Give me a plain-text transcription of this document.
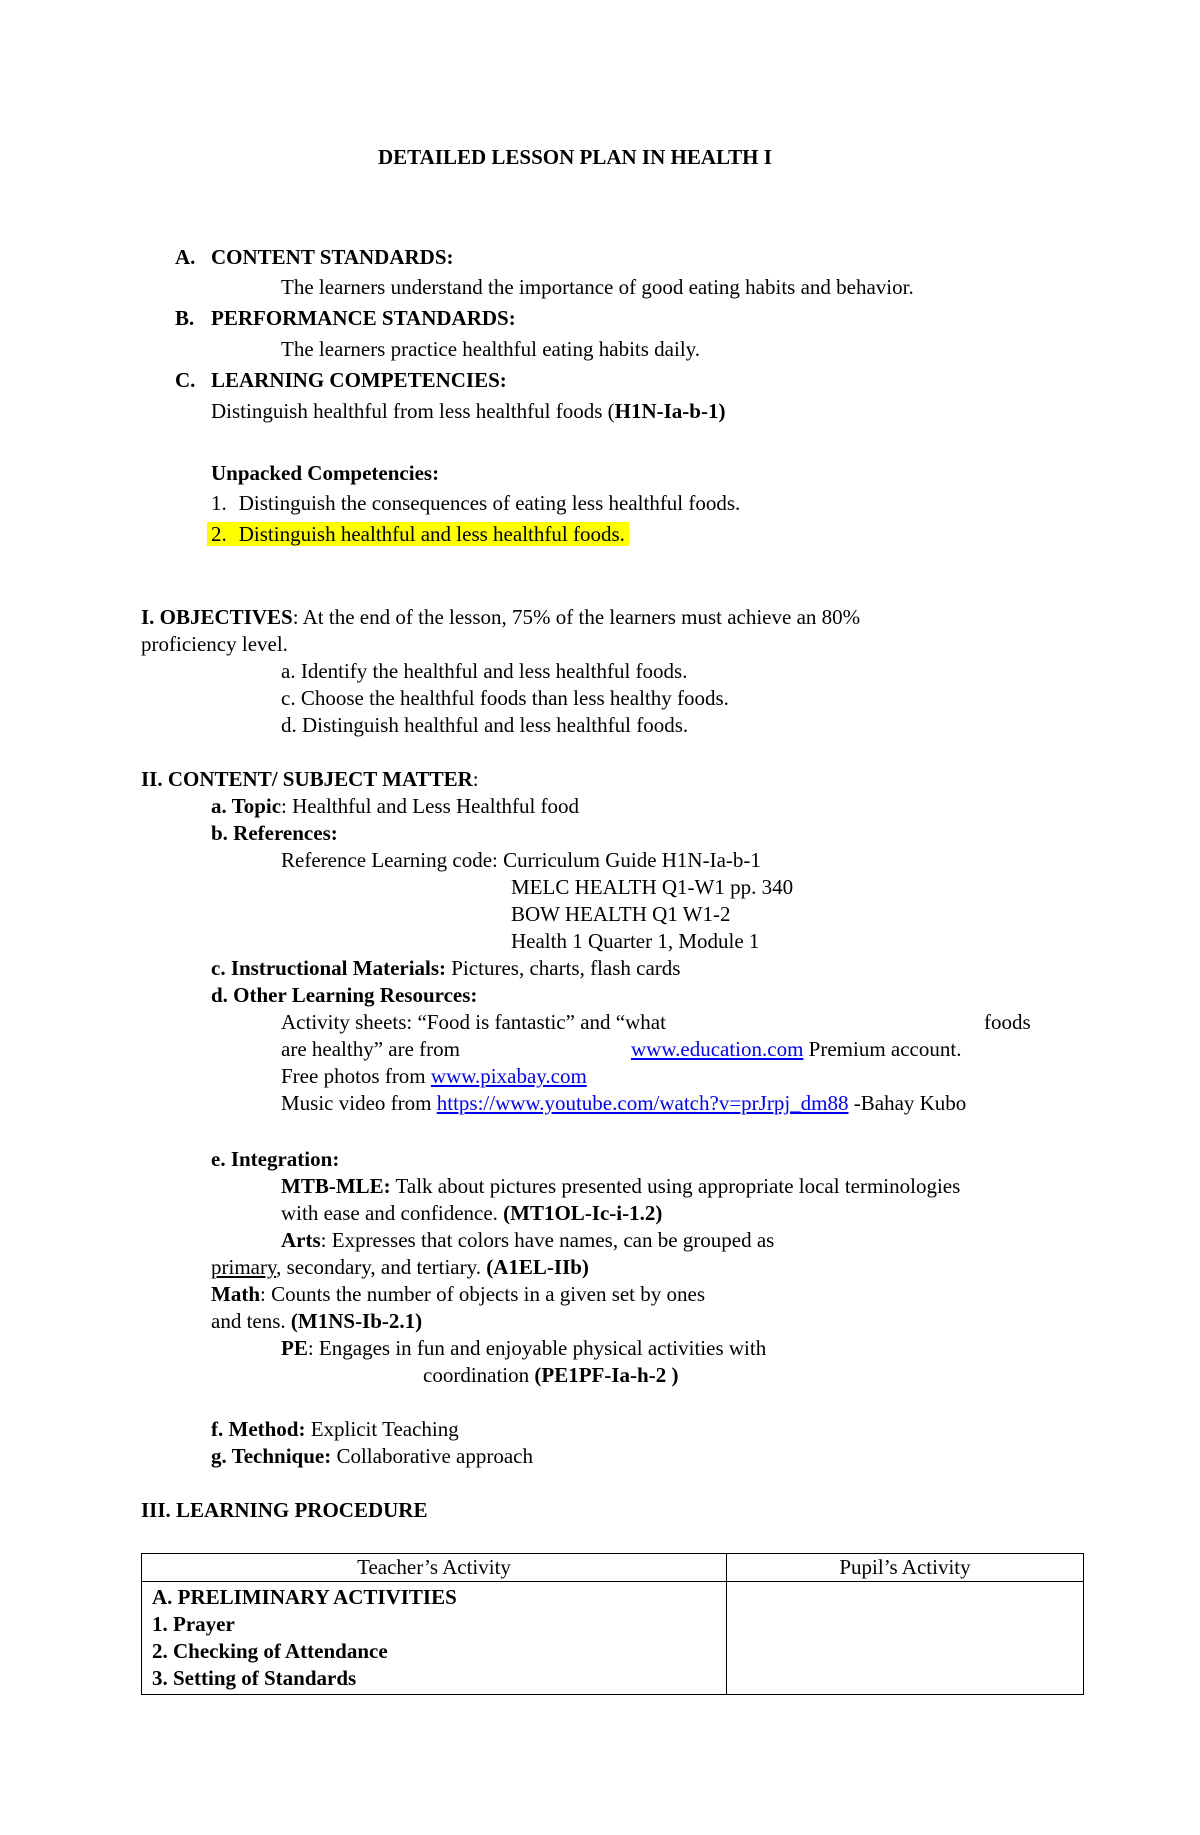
DETAILED LESSON PLAN IN HEALTH I
A. CONTENT STANDARDS:
The learners understand the importance of good eating habits and behavior.
B. PERFORMANCE STANDARDS:
The learners practice healthful eating habits daily.
C. LEARNING COMPETENCIES:
Distinguish healthful from less healthful foods (H1N-Ia-b-1)
Unpacked Competencies:
1. Distinguish the consequences of eating less healthful foods.
2. Distinguish healthful and less healthful foods.
I. OBJECTIVES: At the end of the lesson, 75% of the learners must achieve an 80%
proficiency level.
a. Identify the healthful and less healthful foods.
c. Choose the healthful foods than less healthy foods.
d. Distinguish healthful and less healthful foods.
II. CONTENT/ SUBJECT MATTER:
a. Topic: Healthful and Less Healthful food
b. References:
Reference Learning code: Curriculum Guide H1N-Ia-b-1
MELC HEALTH Q1-W1 pp. 340
BOW HEALTH Q1 W1-2
Health 1 Quarter 1, Module 1
c. Instructional Materials: Pictures, charts, flash cards
d. Other Learning Resources:
Activity sheets: “Food is fantastic” and “what	foods
are healthy” are from	www.education.com Premium account.
Free photos from www.pixabay.com
Music video from https://www.youtube.com/watch?v=prJrpj_dm88 -Bahay Kubo
e. Integration:
MTB-MLE: Talk about pictures presented using appropriate local terminologies
with ease and confidence. (MT1OL-Ic-i-1.2)
Arts: Expresses that colors have names, can be grouped as
primary, secondary, and tertiary. (A1EL-IIb)
Math: Counts the number of objects in a given set by ones
and tens. (M1NS-Ib-2.1)
PE: Engages in fun and enjoyable physical activities with
coordination (PE1PF-Ia-h-2 )
f. Method: Explicit Teaching
g. Technique: Collaborative approach
III. LEARNING PROCEDURE
Teacher’s Activity	Pupil’s Activity

A. PRELIMINARY ACTIVITIES
1. Prayer
2. Checking of Attendance
3. Setting of Standards	
